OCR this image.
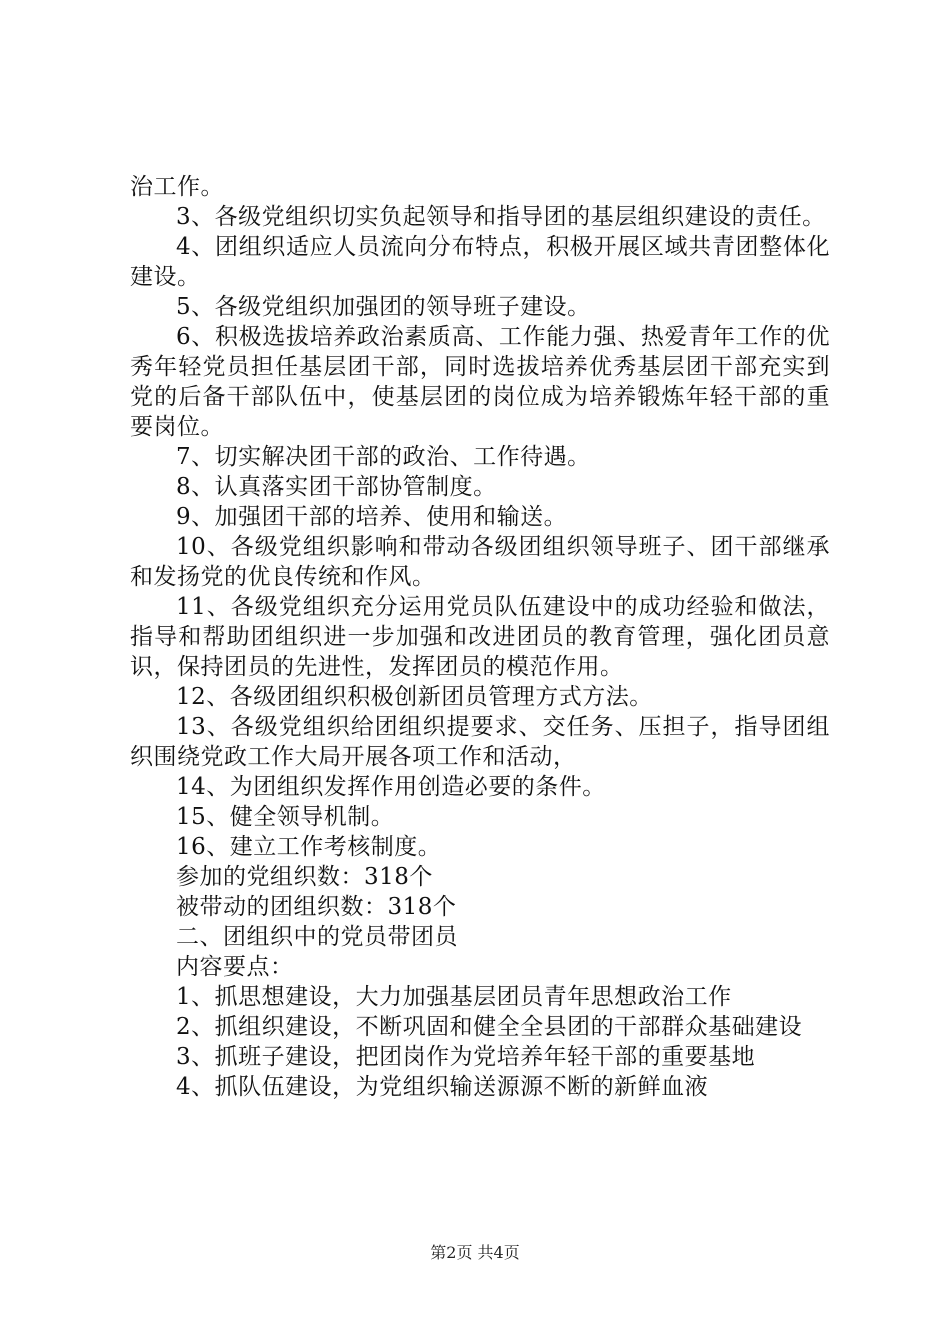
治工作。

3、各级党组织切实负起领导和指导团的基层组织建设的责任。

4、团组织适应人员流向分布特点，积极开展区域共青团整体化建设。

5、各级党组织加强团的领导班子建设。

6、积极选拔培养政治素质高、工作能力强、热爱青年工作的优秀年轻党员担任基层团干部，同时选拔培养优秀基层团干部充实到党的后备干部队伍中，使基层团的岗位成为培养锻炼年轻干部的重要岗位。

7、切实解决团干部的政治、工作待遇。

8、认真落实团干部协管制度。

9、加强团干部的培养、使用和输送。

10、各级党组织影响和带动各级团组织领导班子、团干部继承和发扬党的优良传统和作风。

11、各级党组织充分运用党员队伍建设中的成功经验和做法，指导和帮助团组织进一步加强和改进团员的教育管理，强化团员意识，保持团员的先进性，发挥团员的模范作用。

12、各级团组织积极创新团员管理方式方法。

13、各级党组织给团组织提要求、交任务、压担子，指导团组织围绕党政工作大局开展各项工作和活动，

14、为团组织发挥作用创造必要的条件。

15、健全领导机制。

16、建立工作考核制度。

参加的党组织数：318个

被带动的团组织数：318个

二、团组织中的党员带团员

内容要点：

1、抓思想建设，大力加强基层团员青年思想政治工作

2、抓组织建设，不断巩固和健全全县团的干部群众基础建设

3、抓班子建设，把团岗作为党培养年轻干部的重要基地

4、抓队伍建设，为党组织输送源源不断的新鲜血液

第2页 共4页
